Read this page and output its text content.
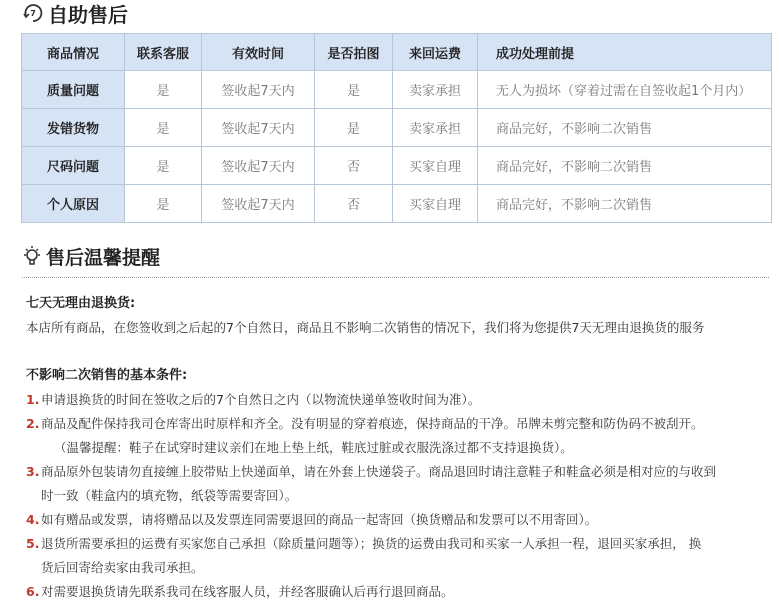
7 自助售后
商品情况	联系客服	有效时间	是否拍图	来回运费	成功处理前提
质量问题	是	签收起7天内	是	卖家承担	无人为损坏（穿着过需在自签收起1个月内）
发错货物	是	签收起7天内	是	卖家承担	商品完好，不影响二次销售
尺码问题	是	签收起7天内	否	买家自理	商品完好，不影响二次销售
个人原因	是	签收起7天内	否	买家自理	商品完好，不影响二次销售
售后温馨提醒
七天无理由退换货:
本店所有商品，在您签收到之后起的7个自然日，商品且不影响二次销售的情况下，我们将为您提供7天无理由退换货的服务
不影响二次销售的基本条件:
1. 申请退换货的时间在签收之后的7个自然日之内（以物流快递单签收时间为准）。
2. 商品及配件保持我司仓库寄出时原样和齐全。没有明显的穿着痕迹，保持商品的干净。吊牌未剪完整和防伪码不被刮开。
（温馨提醒：鞋子在试穿时建议亲们在地上垫上纸，鞋底过脏或衣服洗涤过都不支持退换货）。
3. 商品原外包装请勿直接缠上胶带贴上快递面单，请在外套上快递袋子。商品退回时请注意鞋子和鞋盒必须是相对应的与收到
时一致（鞋盒内的填充物，纸袋等需要寄回）。
4. 如有赠品或发票，请将赠品以及发票连同需要退回的商品一起寄回（换货赠品和发票可以不用寄回）。
5. 退货所需要承担的运费有买家您自己承担（除质量问题等）；换货的运费由我司和买家一人承担一程，退回买家承担， 换
货后回寄给卖家由我司承担。
6. 对需要退换货请先联系我司在线客服人员，并经客服确认后再行退回商品。
